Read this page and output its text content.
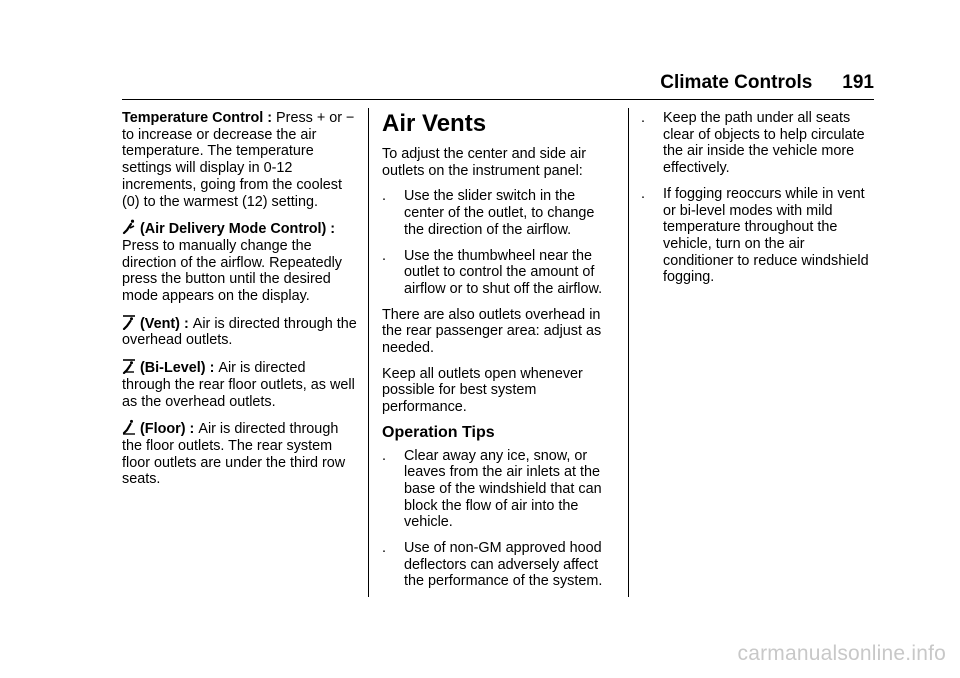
Climate Controls 191

Temperature Control : Press + or − to increase or decrease the air temperature. The temperature settings will display in 0-12 increments, going from the coolest (0) to the warmest (12) setting.

(Air Delivery Mode Control) : Press to manually change the direction of the airflow. Repeatedly press the button until the desired mode appears on the display.

(Vent) : Air is directed through the overhead outlets.

(Bi-Level) : Air is directed through the rear floor outlets, as well as the overhead outlets.

(Floor) : Air is directed through the floor outlets. The rear system floor outlets are under the third row seats.

Air Vents

To adjust the center and side air outlets on the instrument panel:

. Use the slider switch in the center of the outlet, to change the direction of the airflow.
. Use the thumbwheel near the outlet to control the amount of airflow or to shut off the airflow.

There are also outlets overhead in the rear passenger area: adjust as needed.

Keep all outlets open whenever possible for best system performance.

Operation Tips
. Clear away any ice, snow, or leaves from the air inlets at the base of the windshield that can block the flow of air into the vehicle.
. Use of non-GM approved hood deflectors can adversely affect the performance of the system.
. Keep the path under all seats clear of objects to help circulate the air inside the vehicle more effectively.
. If fogging reoccurs while in vent or bi-level modes with mild temperature throughout the vehicle, turn on the air conditioner to reduce windshield fogging.
carmanualsonline.info
